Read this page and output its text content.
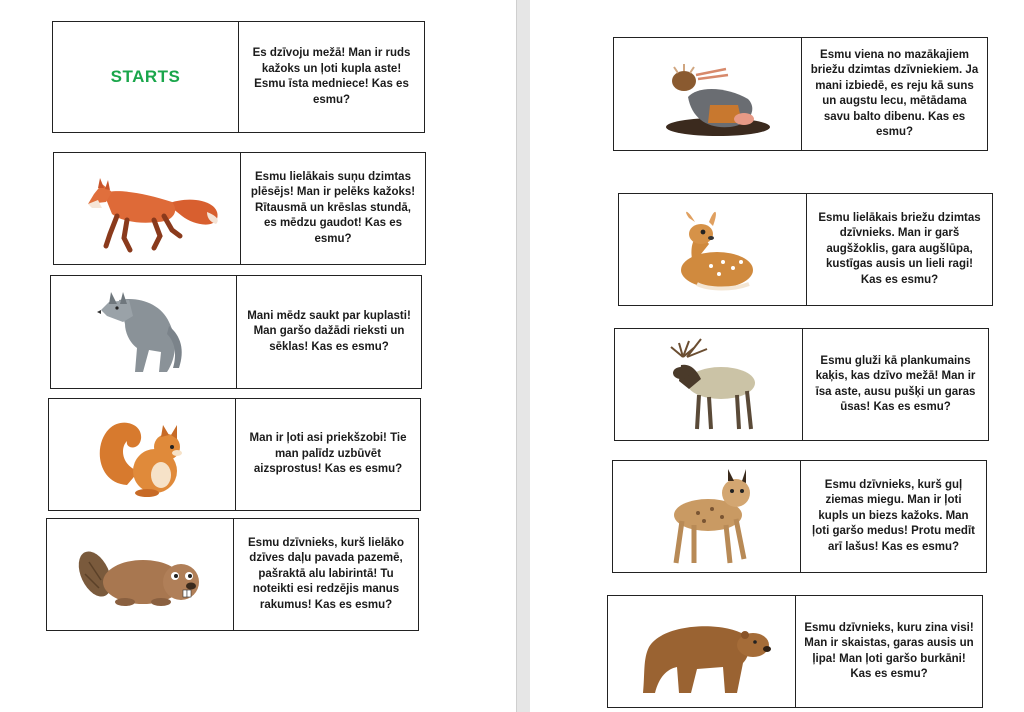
STARTS
Es dzīvoju mežā! Man ir ruds kažoks un ļoti kupla aste! Esmu īsta medniece! Kas es esmu?
Esmu lielākais suņu dzimtas plēsējs! Man ir pelēks kažoks! Rītausmā un krēslas stundā, es mēdzu gaudot! Kas es esmu?
Mani mēdz saukt par kuplasti! Man garšo dažādi rieksti un sēklas! Kas es esmu?
Man ir ļoti asi priekšzobi! Tie man palīdz uzbūvēt aizsprostus! Kas es esmu?
Esmu dzīvnieks, kurš lielāko dzīves daļu pavada pazemē, pašraktā alu labirintā! Tu noteikti esi redzējis manus rakumus! Kas es esmu?
Esmu viena no mazākajiem briežu dzimtas dzīvniekiem. Ja mani izbiedē, es reju kā suns un augstu lecu, mētādama savu balto dibenu. Kas es esmu?
Esmu lielākais briežu dzimtas dzīvnieks. Man ir garš augšžoklis, gara augšlūpa, kustīgas ausis un lieli ragi! Kas es esmu?
Esmu gluži kā plankumains kaķis, kas dzīvo mežā! Man ir īsa aste, ausu pušķi un garas ūsas! Kas es esmu?
Esmu dzīvnieks, kurš guļ ziemas miegu. Man ir ļoti kupls un biezs kažoks. Man ļoti garšo medus! Protu medīt arī lašus! Kas es esmu?
Esmu dzīvnieks, kuru zina visi! Man ir skaistas, garas ausis un ļipa! Man ļoti garšo burkāni! Kas es esmu?
